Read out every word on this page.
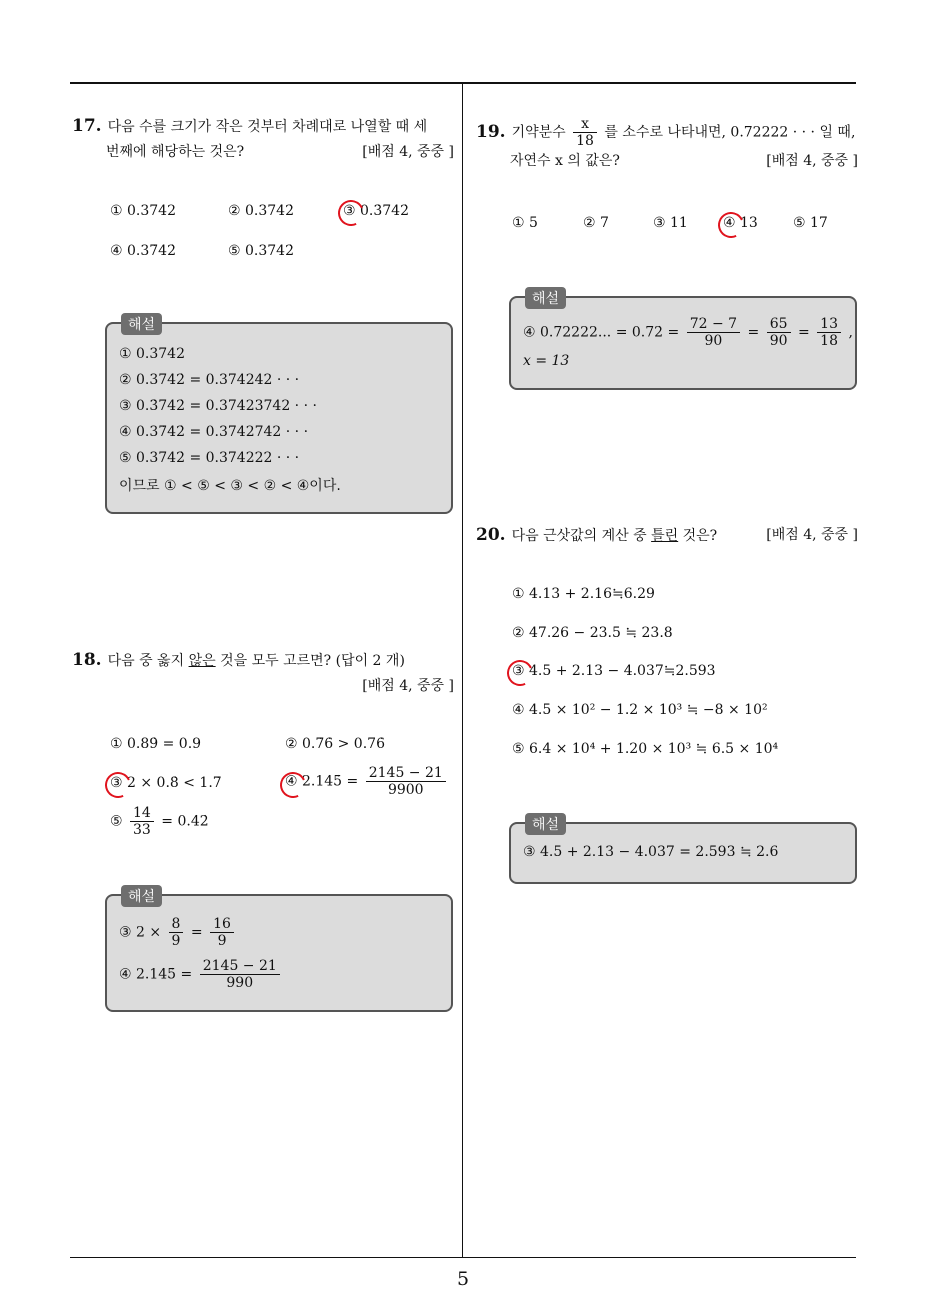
17. 다음 수를 크기가 작은 것부터 차례대로 나열할 때 세
번째에 해당하는 것은?	[배점 4, 중중 ]
① 0.3742	② 0.374̇2̇	③ 0.3̇742̇
④ 0.37̇42̇	⑤ 0.3742̇
해설
① 0.3742
② 0.374̇2̇ = 0.374242 · · ·
③ 0.3̇742̇ = 0.37423742 · · ·
④ 0.37̇42̇ = 0.3742742 · · ·
⑤ 0.3742̇ = 0.374222 · · ·
이므로 ① < ⑤ < ③ < ② < ④이다.
18. 다음 중 옳지 않은 것을 모두 고르면? (답이 2 개)
[배점 4, 중중 ]
① 0.89̇ = 0.9	② 0.7̇6̇ > 0.76̇
③ 2 × 0.8̇ < 1.7̇	④ 2.14̇5̇ = $\frac{2145 - 21}{9900}$
⑤ $\frac{14}{33}$ = 0.4̇2̇
해설
③ $2 \times \frac{8}{9} = \frac{16}{9}$
④ 2.14̇5̇ = $\frac{2145 - 21}{990}$
19. 기약분수 $\frac{x}{18}$ 를 소수로 나타내면, 0.72222 · · · 일 때,
자연수 x 의 값은?	[배점 4, 중중 ]
① 5	② 7	③ 11	④ 13	⑤ 17
해설
④ 0.72222... = 0.72̇ = $\frac{72 - 7}{90} = \frac{65}{90} = \frac{13}{18}$ ,
x = 13
20. 다음 근삿값의 계산 중 틀린 것은?	[배점 4, 중중 ]
① 4.13 + 2.16≒6.29
② 47.26 − 23.5 ≒ 23.8
③ 4.5 + 2.13 − 4.037≒2.593
④ 4.5 × 10² − 1.2 × 10³ ≒ −8 × 10²
⑤ 6.4 × 10⁴ + 1.20 × 10³ ≒ 6.5 × 10⁴
해설
③ 4.5 + 2.13 − 4.037 = 2.593 ≒ 2.6
5
